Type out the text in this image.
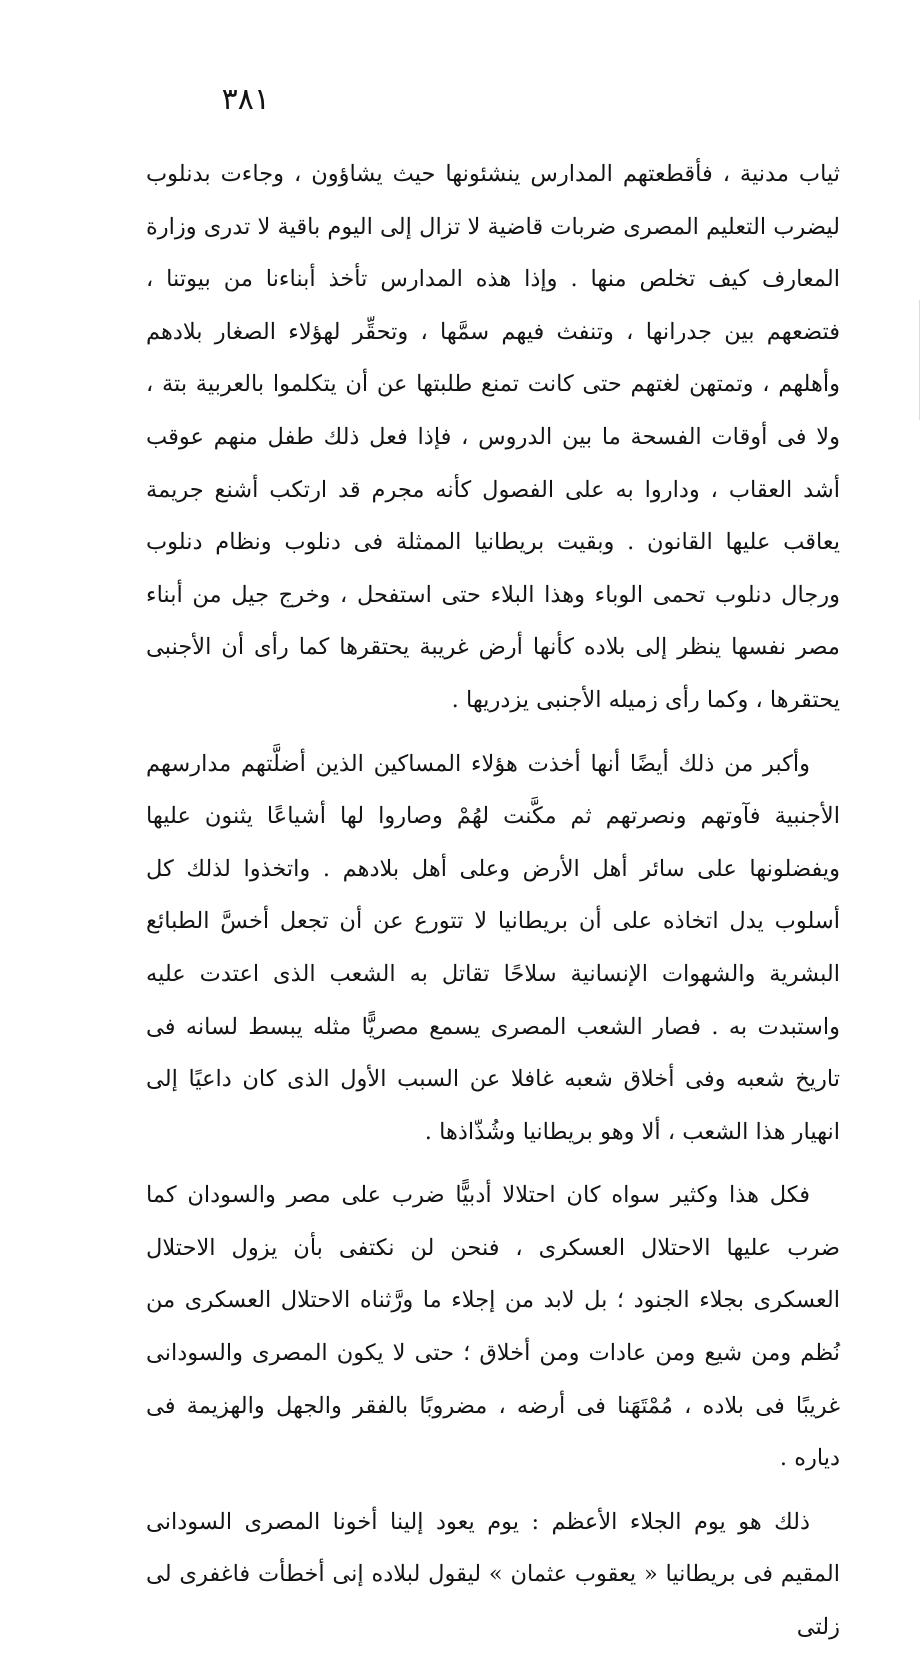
٣٨١

ثياب مدنية ، فأقطعتهم المدارس ينشئونها حيث يشاؤون ، وجاءت بدنلوب ليضرب التعليم المصرى ضربات قاضية لا تزال إلى اليوم باقية لا تدرى وزارة المعارف كيف تخلص منها . وإذا هذه المدارس تأخذ أبناءنا من بيوتنا ، فتضعهم بين جدرانها ، وتنفث فيهم سمَّها ، وتحقِّر لهؤلاء الصغار بلادهم وأهلهم ، وتمتهن لغتهم حتى كانت تمنع طلبتها عن أن يتكلموا بالعربية بتة ، ولا فى أوقات الفسحة ما بين الدروس ، فإذا فعل ذلك طفل منهم عوقب أشد العقاب ، وداروا به على الفصول كأنه مجرم قد ارتكب أشنع جريمة يعاقب عليها القانون . وبقيت بريطانيا الممثلة فى دنلوب ونظام دنلوب ورجال دنلوب تحمى الوباء وهذا البلاء حتى استفحل ، وخرج جيل من أبناء مصر نفسها ينظر إلى بلاده كأنها أرض غريبة يحتقرها كما رأى أن الأجنبى يحتقرها ، وكما رأى زميله الأجنبى يزدريها .

وأكبر من ذلك أيضًا أنها أخذت هؤلاء المساكين الذين أضلَّتهم مدارسهم الأجنبية فآوتهم ونصرتهم ثم مكَّنت لهُمْ وصاروا لها أشياعًا يثنون عليها ويفضلونها على سائر أهل الأرض وعلى أهل بلادهم . واتخذوا لذلك كل أسلوب يدل اتخاذه على أن بريطانيا لا تتورع عن أن تجعل أخسَّ الطبائع البشرية والشهوات الإنسانية سلاحًا تقاتل به الشعب الذى اعتدت عليه واستبدت به . فصار الشعب المصرى يسمع مصريًّا مثله يبسط لسانه فى تاريخ شعبه وفى أخلاق شعبه غافلا عن السبب الأول الذى كان داعيًا إلى انهيار هذا الشعب ، ألا وهو بريطانيا وشُذّاذها .

فكل هذا وكثير سواه كان احتلالا أدبيًّا ضرب على مصر والسودان كما ضرب عليها الاحتلال العسكرى ، فنحن لن نكتفى بأن يزول الاحتلال العسكرى بجلاء الجنود ؛ بل لابد من إجلاء ما ورَّثناه الاحتلال العسكرى من نُظم ومن شيع ومن عادات ومن أخلاق ؛ حتى لا يكون المصرى والسودانى غريبًا فى بلاده ، مُمْتَهَنا فى أرضه ، مضروبًا بالفقر والجهل والهزيمة فى دياره .

ذلك هو يوم الجلاء الأعظم : يوم يعود إلينا أخونا المصرى السودانى المقيم فى بريطانيا « يعقوب عثمان » ليقول لبلاده إنى أخطأت فاغفرى لى زلتى
